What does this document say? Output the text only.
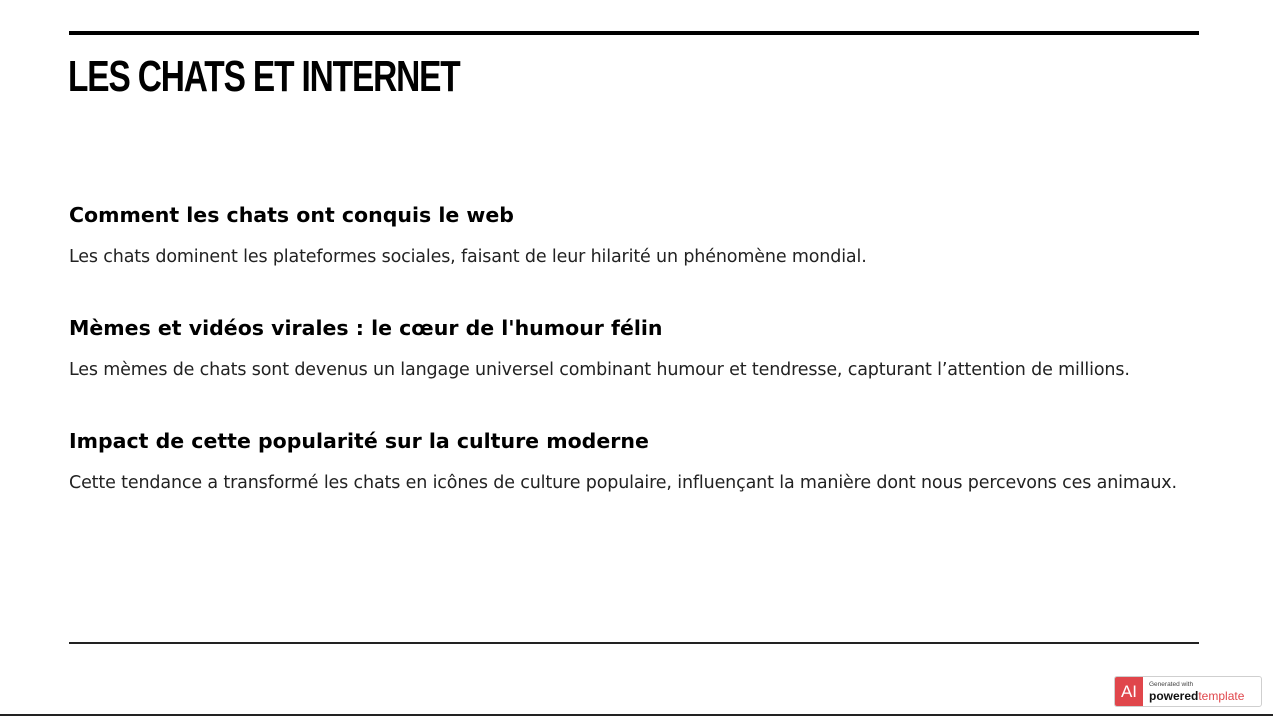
LES CHATS ET INTERNET
Comment les chats ont conquis le web

Les chats dominent les plateformes sociales, faisant de leur hilarité un phénomène mondial.

Mèmes et vidéos virales : le cœur de l'humour félin

Les mèmes de chats sont devenus un langage universel combinant humour et tendresse, capturant l’attention de millions.

Impact de cette popularité sur la culture moderne

Cette tendance a transformé les chats en icônes de culture populaire, influençant la manière dont nous percevons ces animaux.

AI	Generated with
poweredtemplate
